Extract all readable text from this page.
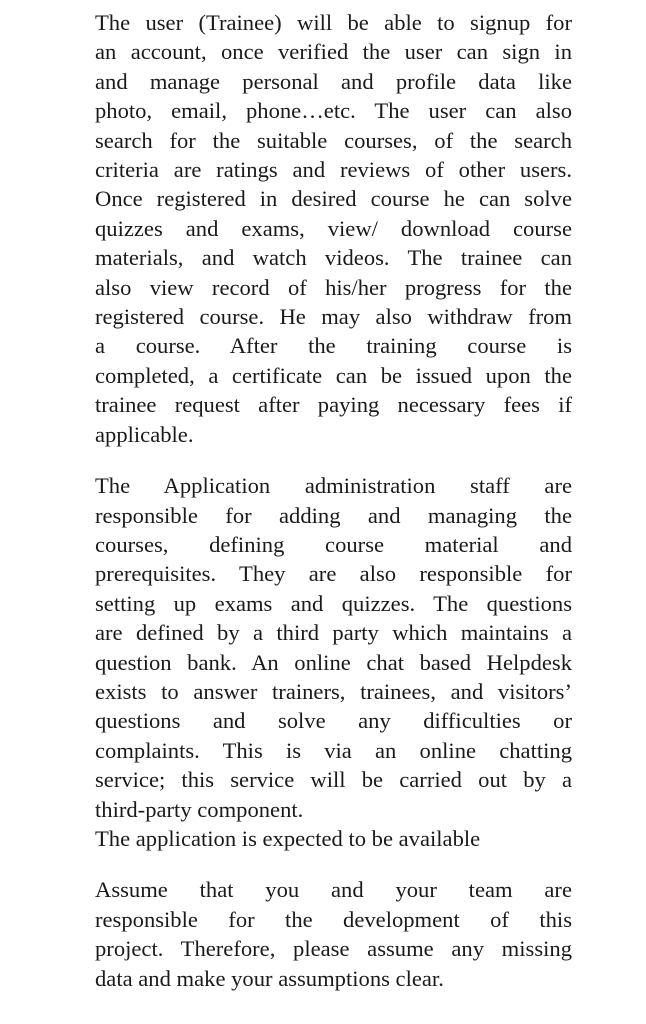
The user (Trainee) will be able to signup for
an account, once verified the user can sign in
and manage personal and profile data like
photo, email, phone…etc. The user can also
search for the suitable courses, of the search
criteria are ratings and reviews of other users.
Once registered in desired course he can solve
quizzes and exams, view/ download course
materials, and watch videos. The trainee can
also view record of his/her progress for the
registered course. He may also withdraw from
a course. After the training course is
completed, a certificate can be issued upon the
trainee request after paying necessary fees if
applicable.
The Application administration staff are
responsible for adding and managing the
courses, defining course material and
prerequisites. They are also responsible for
setting up exams and quizzes. The questions
are defined by a third party which maintains a
question bank. An online chat based Helpdesk
exists to answer trainers, trainees, and visitors’
questions and solve any difficulties or
complaints. This is via an online chatting
service; this service will be carried out by a
third-party component.
The application is expected to be available
Assume that you and your team are
responsible for the development of this
project. Therefore, please assume any missing
data and make your assumptions clear.
